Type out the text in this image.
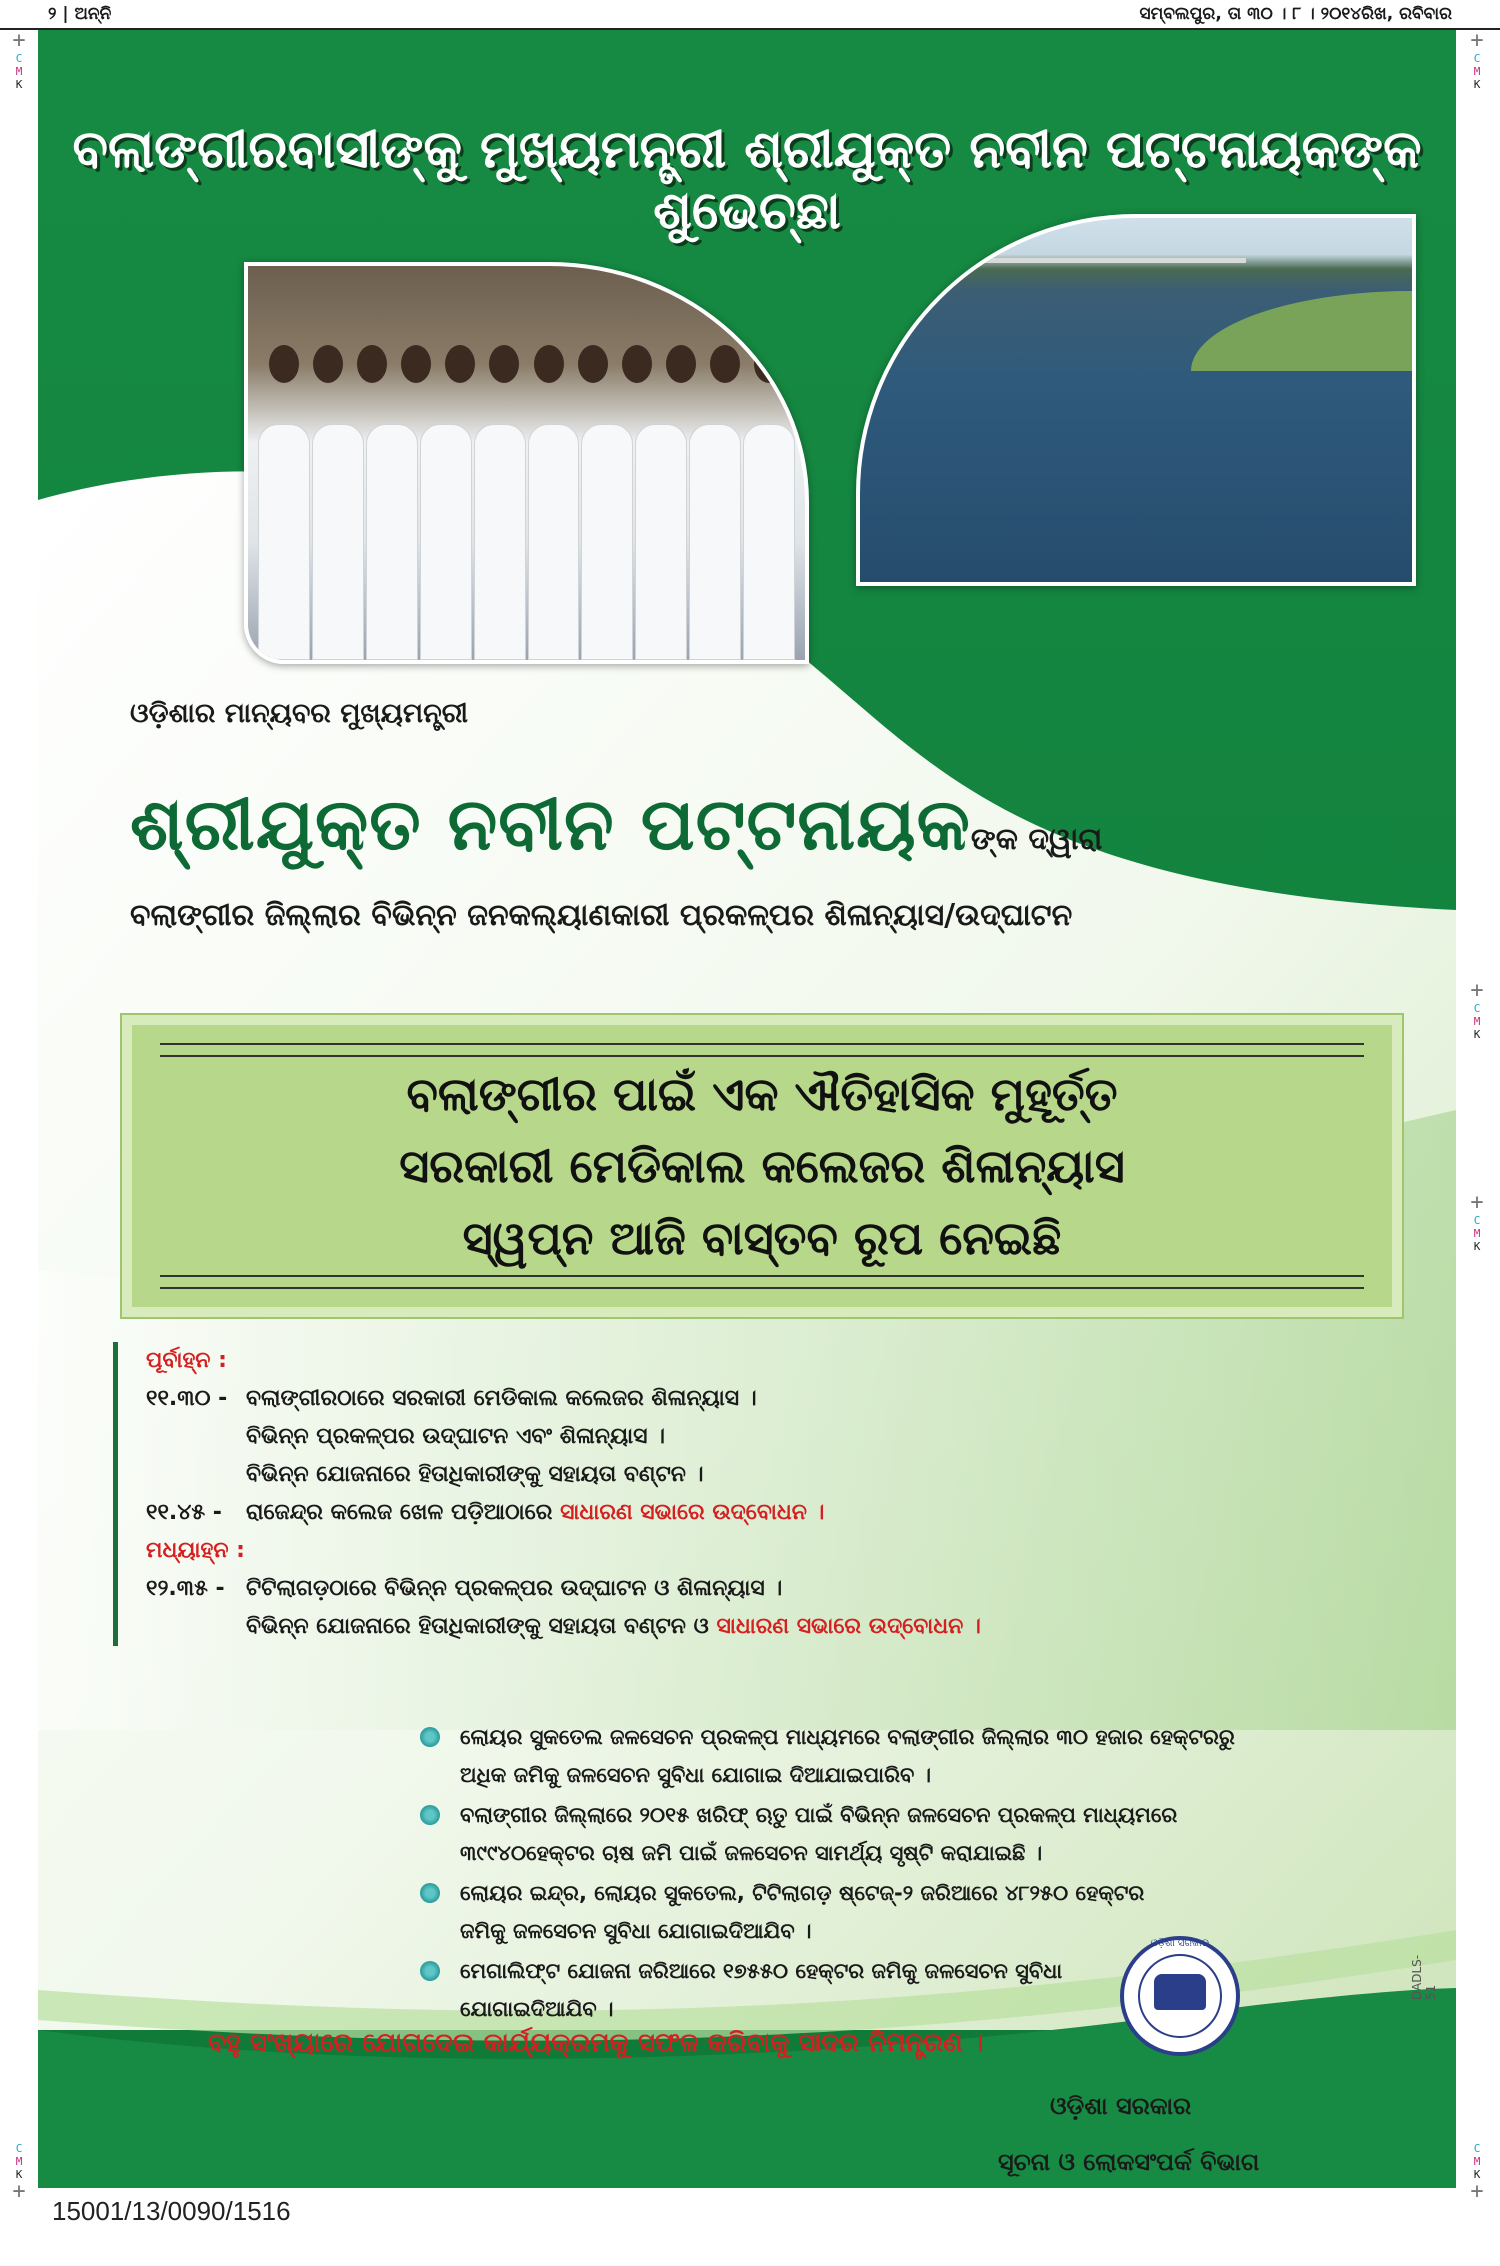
୨ | ଅନ୍ନି	ସମ୍ବଲପୁର, ତା ୩୦ । ୮ । ୨୦୧୪ରିଖ, ରବିବାର
+
C
M
K
+
C
M
K
+
C
M
K
+
C
M
K
C
M
K
+
C
M
K
+
ବଲାଙ୍ଗୀରବାସୀଙ୍କୁ ମୁଖ୍ୟମନ୍ତ୍ରୀ ଶ୍ରୀଯୁକ୍ତ ନବୀନ ପଟ୍ଟନାୟକଙ୍କ ଶୁଭେଚ୍ଛା
ଓଡ଼ିଶାର ମାନ୍ୟବର ମୁଖ୍ୟମନ୍ତ୍ରୀ
ଶ୍ରୀଯୁକ୍ତ ନବୀନ ପଟ୍ଟନାୟକଙ୍କ ଦ୍ୱାରା
ବଲାଙ୍ଗୀର ଜିଲ୍ଲାର ବିଭିନ୍ନ ଜନକଲ୍ୟାଣକାରୀ ପ୍ରକଳ୍ପର ଶିଳାନ୍ୟାସ/ଉଦ୍‌ଘାଟନ
ବଲାଙ୍ଗୀର ପାଇଁ ଏକ ଐତିହାସିକ ମୁହୂର୍ତ୍ତ
ସରକାରୀ ମେଡିକାଲ କଲେଜର ଶିଳାନ୍ୟାସ
ସ୍ୱପ୍ନ ଆଜି ବାସ୍ତବ ରୂପ ନେଇଛି
ପୂର୍ବାହ୍ନ :
୧୧.୩୦ - ବଲାଙ୍ଗୀରଠାରେ ସରକାରୀ ମେଡିକାଲ କଲେଜର ଶିଳାନ୍ୟାସ ।
ବିଭିନ୍ନ ପ୍ରକଳ୍ପର ଉଦ୍‌ଘାଟନ ଏବଂ ଶିଳାନ୍ୟାସ ।
ବିଭିନ୍ନ ଯୋଜନାରେ ହିତାଧିକାରୀଙ୍କୁ ସହାୟତା ବଣ୍ଟନ ।
୧୧.୪୫ - ରାଜେନ୍ଦ୍ର କଲେଜ ଖେଳ ପଡ଼ିଆଠାରେ ସାଧାରଣ ସଭାରେ ଉଦ୍‌ବୋଧନ ।
ମଧ୍ୟାହ୍ନ :
୧୨.୩୫ - ଟିଟିଲାଗଡ଼ଠାରେ ବିଭିନ୍ନ ପ୍ରକଳ୍ପର ଉଦ୍‌ଘାଟନ ଓ ଶିଳାନ୍ୟାସ ।
ବିଭିନ୍ନ ଯୋଜନାରେ ହିତାଧିକାରୀଙ୍କୁ ସହାୟତା ବଣ୍ଟନ ଓ ସାଧାରଣ ସଭାରେ ଉଦ୍‌ବୋଧନ ।
ଲୋୟର ସୁକତେଲ ଜଳସେଚନ ପ୍ରକଳ୍ପ ମାଧ୍ୟମରେ ବଲାଙ୍ଗୀର ଜିଲ୍ଲାର ୩୦ ହଜାର ହେକ୍ଟରରୁ
ଅଧିକ ଜମିକୁ ଜଳସେଚନ ସୁବିଧା ଯୋଗାଇ ଦିଆଯାଇପାରିବ ।
ବଲାଙ୍ଗୀର ଜିଲ୍ଲାରେ ୨୦୧୫ ଖରିଫ୍ ଋତୁ ପାଇଁ ବିଭିନ୍ନ ଜଳସେଚନ ପ୍ରକଳ୍ପ ମାଧ୍ୟମରେ
୩୯୯୪୦ହେକ୍ଟର ଚାଷ ଜମି ପାଇଁ ଜଳସେଚନ ସାମର୍ଥ୍ୟ ସୃଷ୍ଟି କରାଯାଇଛି ।
ଲୋୟର ଇନ୍ଦ୍ର, ଲୋୟର ସୁକତେଲ, ଟିଟିଲାଗଡ଼ ଷ୍ଟେଜ୍-୨ ଜରିଆରେ ୪୮୨୫୦ ହେକ୍ଟର
ଜମିକୁ ଜଳସେଚନ ସୁବିଧା ଯୋଗାଇଦିଆଯିବ ।
ମେଗାଲିଫ୍ଟ ଯୋଜନା ଜରିଆରେ ୧୭୫୫୦ ହେକ୍ଟର ଜମିକୁ ଜଳସେଚନ ସୁବିଧା
ଯୋଗାଇଦିଆଯିବ ।
ବହୁ ସଂଖ୍ୟାରେ ଯୋଗଦେଇ କାର୍ଯ୍ୟକ୍ରମକୁ ସଫଳ କରିବାକୁ ସାଦର ନିମନ୍ତ୍ରଣ ।
ଓଡ଼ିଶା ସରକାର
DADLS-51
ଓଡ଼ିଶା ସରକାର
ସୂଚନା ଓ ଲୋକସଂପର୍କ ବିଭାଗ
15001/13/0090/1516
